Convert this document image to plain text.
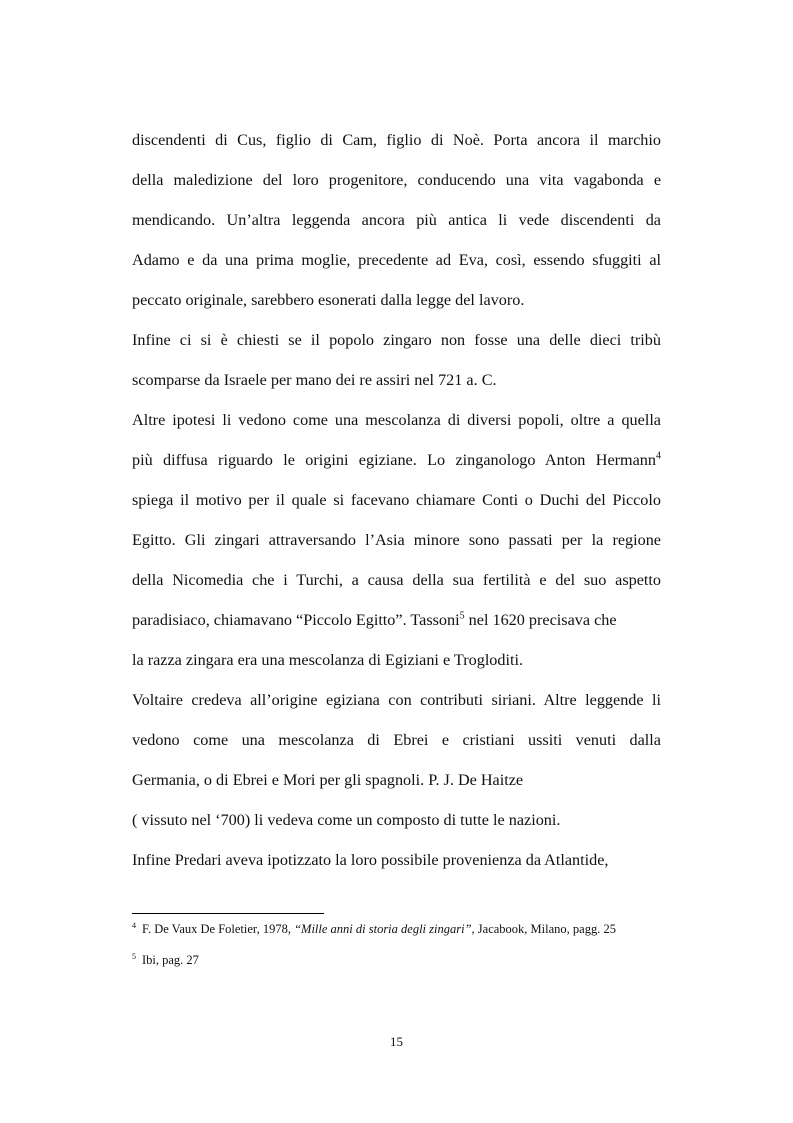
discendenti di Cus, figlio di Cam, figlio di Noè. Porta ancora il marchio
della maledizione del loro progenitore, conducendo una vita vagabonda e
mendicando. Un’altra leggenda ancora più antica li vede discendenti da
Adamo e da una prima moglie, precedente ad Eva, così, essendo sfuggiti al
peccato originale, sarebbero esonerati dalla legge del lavoro.
Infine ci si è chiesti se il popolo zingaro non fosse una delle dieci tribù
scomparse da Israele per mano dei re assiri nel 721 a. C.
Altre ipotesi li vedono come una mescolanza di diversi popoli, oltre a quella
più diffusa riguardo le origini egiziane. Lo zinganologo Anton Hermann$^4$
spiega il motivo per il quale si facevano chiamare Conti o Duchi del Piccolo
Egitto. Gli zingari attraversando l’Asia minore sono passati per la regione
della Nicomedia che i Turchi, a causa della sua fertilità e del suo aspetto
paradisiaco, chiamavano “Piccolo Egitto”. Tassoni$^5$ nel 1620 precisava che
la razza zingara era una mescolanza di Egiziani e Trogloditi.
Voltaire credeva all’origine egiziana con contributi siriani. Altre leggende li
vedono come una mescolanza di Ebrei e cristiani ussiti venuti dalla
Germania, o di Ebrei e Mori per gli spagnoli. P. J. De Haitze
( vissuto nel ‘700) li vedeva come un composto di tutte le nazioni.
Infine Predari aveva ipotizzato la loro possibile provenienza da Atlantide,
$^4$ F. De Vaux De Foletier, 1978, “Mille anni di storia degli zingari”, Jacabook, Milano, pagg. 25
$^5$ Ibi, pag. 27
15
